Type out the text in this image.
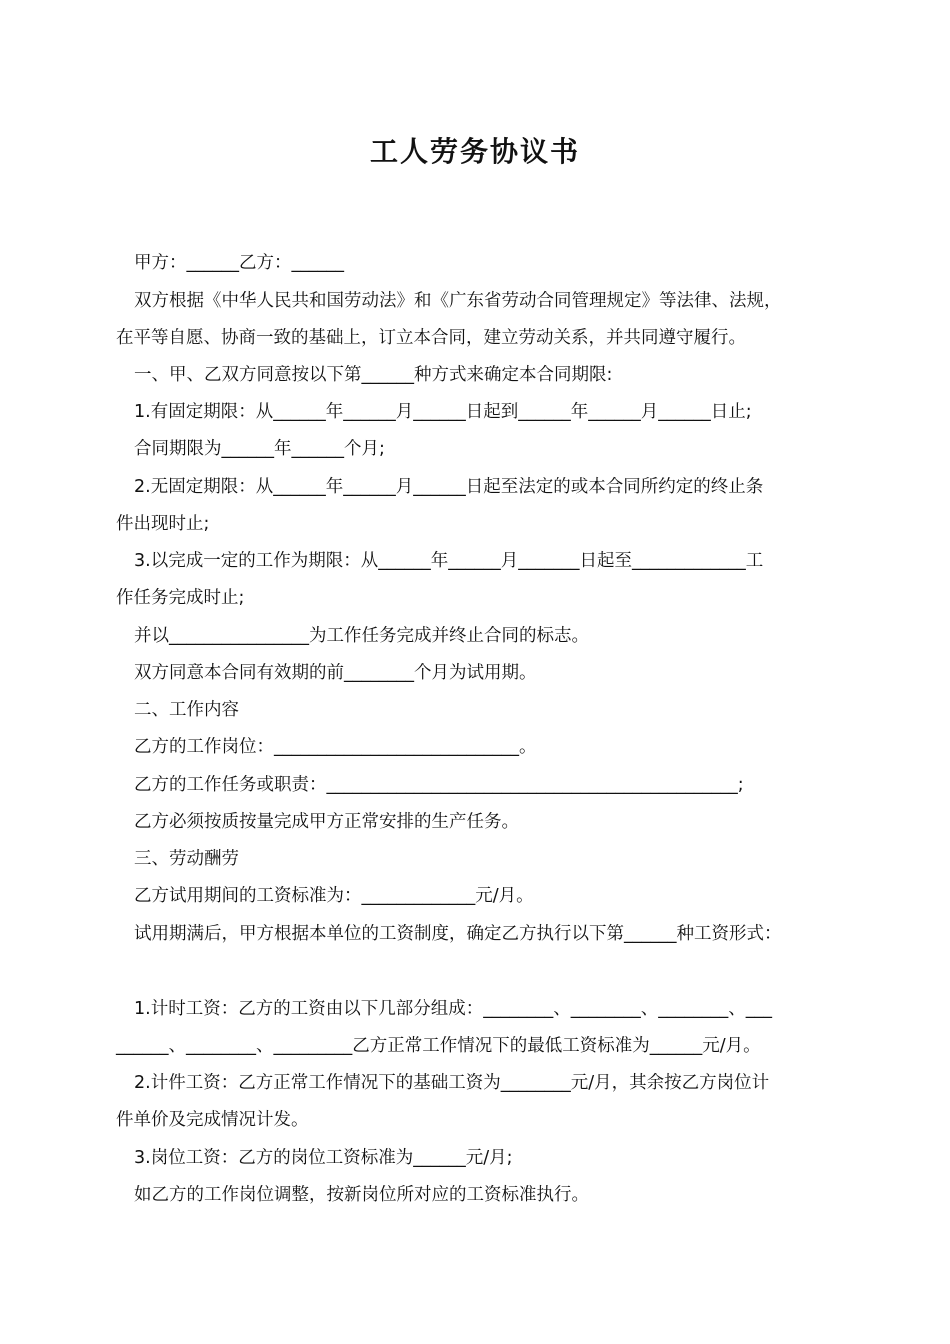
工人劳务协议书
甲方：______乙方：______
双方根据《中华人民共和国劳动法》和《广东省劳动合同管理规定》等法律、法规，
在平等自愿、协商一致的基础上，订立本合同，建立劳动关系，并共同遵守履行。
一、甲、乙双方同意按以下第______种方式来确定本合同期限:
1.有固定期限：从______年______月______日起到______年______月______日止;
合同期限为______年______个月;
2.无固定期限：从______年______月______日起至法定的或本合同所约定的终止条
件出现时止;
3.以完成一定的工作为期限：从______年______月_______日起至_____________工
作任务完成时止;
并以________________为工作任务完成并终止合同的标志。
双方同意本合同有效期的前________个月为试用期。
二、工作内容
乙方的工作岗位：____________________________。
乙方的工作任务或职责：_______________________________________________;
乙方必须按质按量完成甲方正常安排的生产任务。
三、劳动酬劳
乙方试用期间的工资标准为：_____________元/月。
试用期满后，甲方根据本单位的工资制度，确定乙方执行以下第______种工资形式：
1.计时工资：乙方的工资由以下几部分组成：________、________、________、___
______、________、_________乙方正常工作情况下的最低工资标准为______元/月。
2.计件工资：乙方正常工作情况下的基础工资为________元/月，其余按乙方岗位计
件单价及完成情况计发。
3.岗位工资：乙方的岗位工资标准为______元/月;
如乙方的工作岗位调整，按新岗位所对应的工资标准执行。
